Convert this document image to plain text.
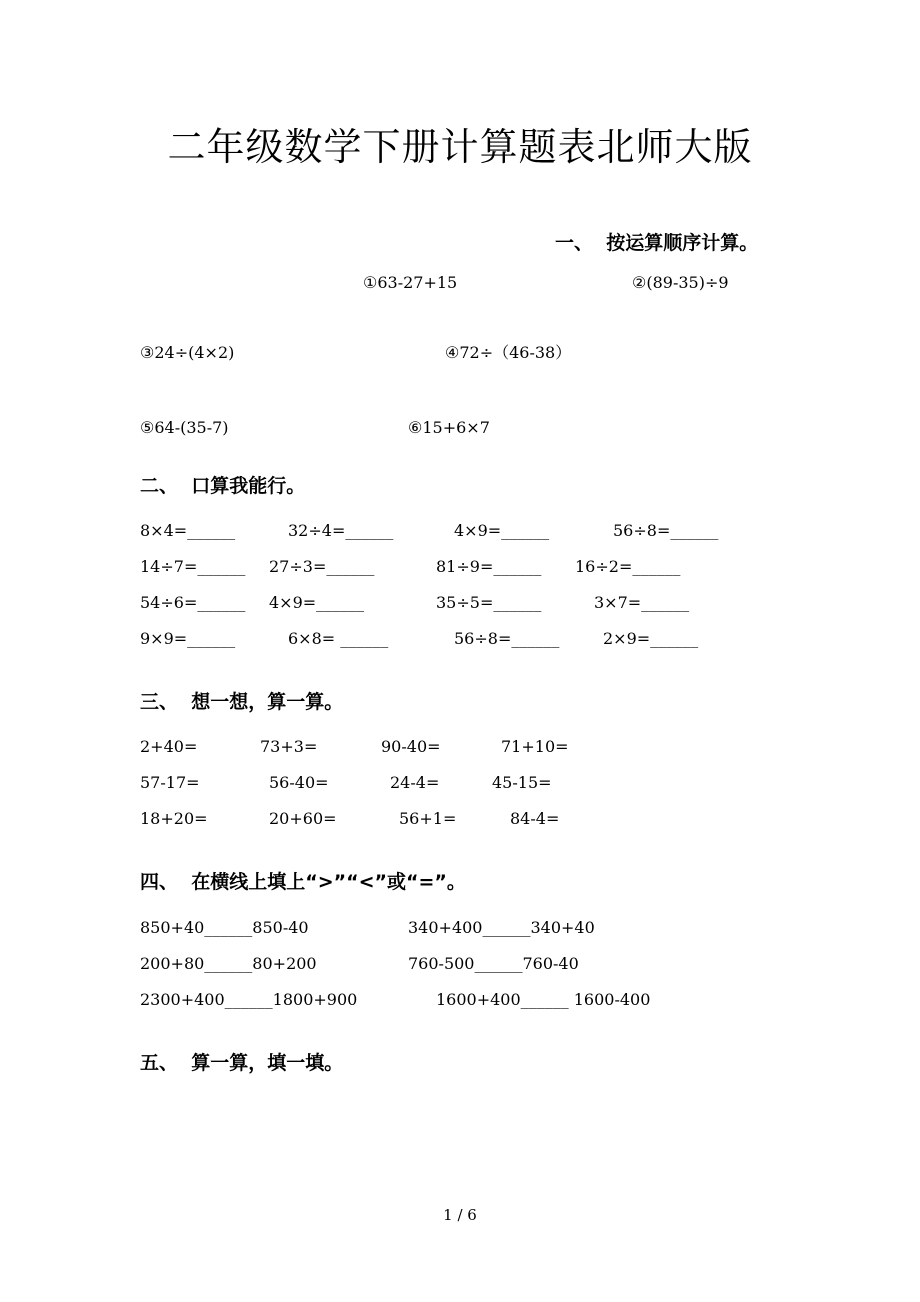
二年级数学下册计算题表北师大版
一、  按运算顺序计算。
①63-27+15	②(89-35)÷9
③24÷(4×2)	④72÷（46-38）
⑤64-(35-7)	⑥15+6×7
二、  口算我能行。
8×4=______	32÷4=______	4×9=______	56÷8=______
14÷7=______ 27÷3=______	81÷9=______ 16÷2=______
54÷6=______ 4×9=______	35÷5=______	3×7=______
9×9=______	6×8= ______	56÷8=______	2×9=______
三、  想一想，算一算。
2+40=	73+3=	90-40=	71+10=
57-17=	56-40=	24-4=	45-15=
18+20=	20+60=	56+1=	84-4=
四、  在横线上填上“>”“<”或“=”。
850+40______850-40	340+400______340+40
200+80______80+200	760-500______760-40
2300+400______1800+900	1600+400______ 1600-400
五、  算一算，填一填。
1 / 6
